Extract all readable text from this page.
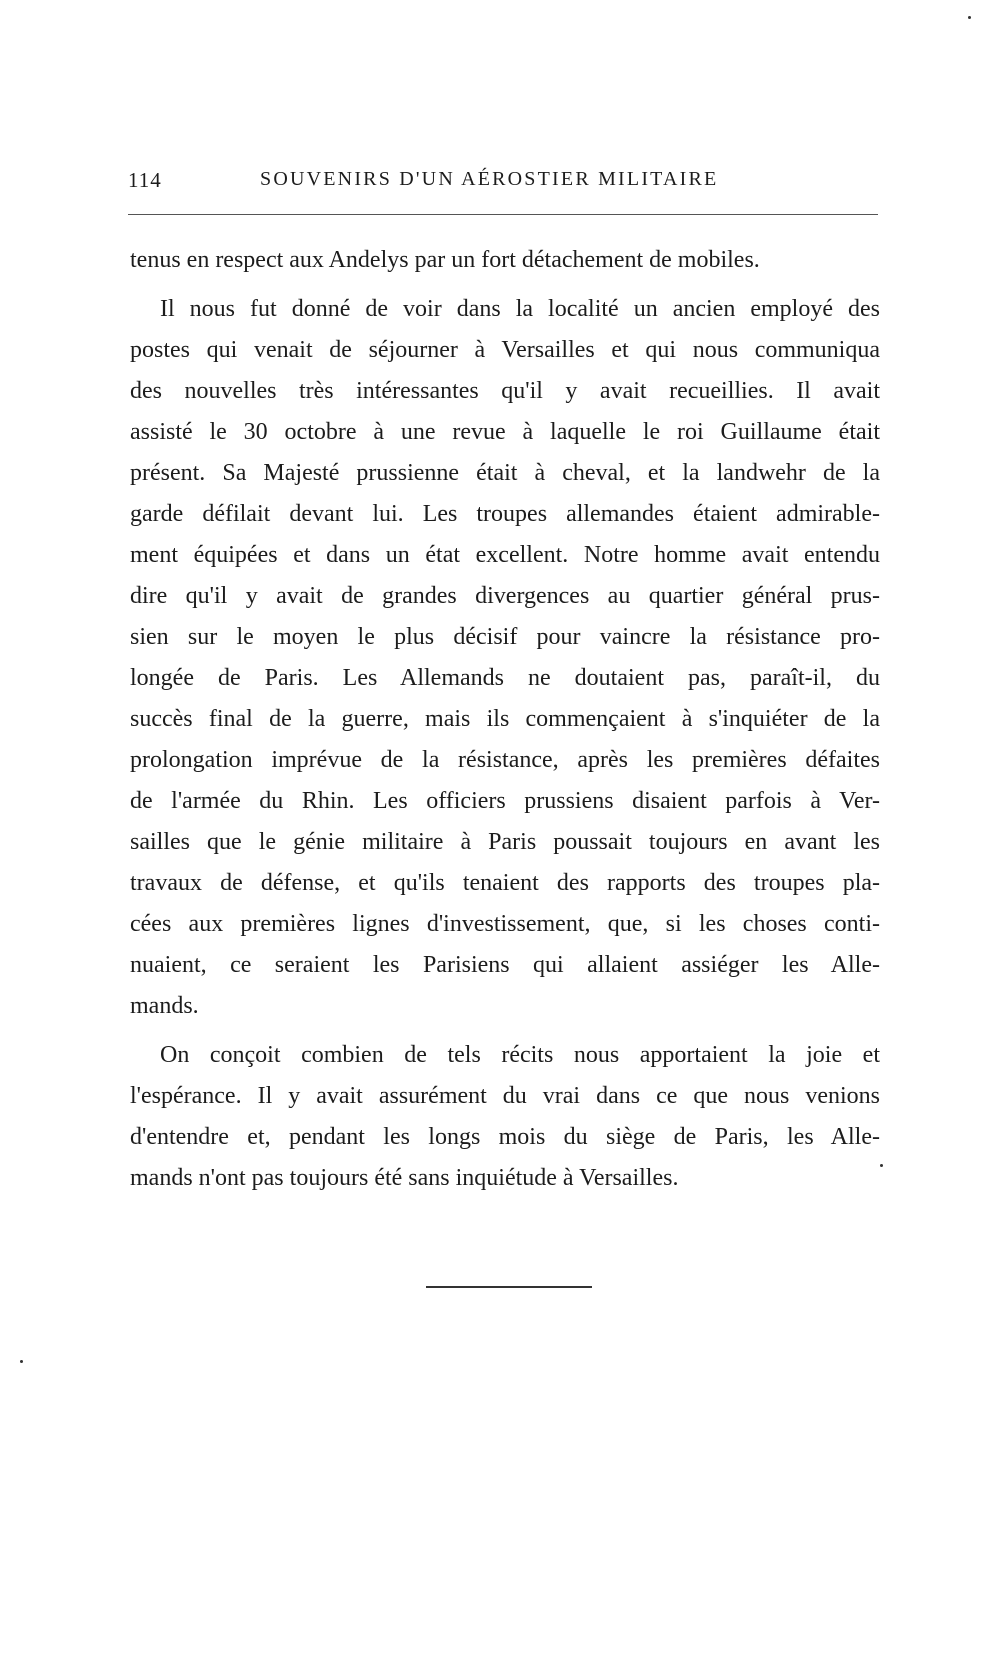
114	SOUVENIRS D'UN AÉROSTIER MILITAIRE
tenus en respect aux Andelys par un fort détachement de mobiles.
Il nous fut donné de voir dans la localité un ancien employé des
postes qui venait de séjourner à Versailles et qui nous communiqua
des nouvelles très intéressantes qu'il y avait recueillies. Il avait
assisté le 30 octobre à une revue à laquelle le roi Guillaume était
présent. Sa Majesté prussienne était à cheval, et la landwehr de la
garde défilait devant lui. Les troupes allemandes étaient admirable-
ment équipées et dans un état excellent. Notre homme avait entendu
dire qu'il y avait de grandes divergences au quartier général prus-
sien sur le moyen le plus décisif pour vaincre la résistance pro-
longée de Paris. Les Allemands ne doutaient pas, paraît-il, du
succès final de la guerre, mais ils commençaient à s'inquiéter de la
prolongation imprévue de la résistance, après les premières défaites
de l'armée du Rhin. Les officiers prussiens disaient parfois à Ver-
sailles que le génie militaire à Paris poussait toujours en avant les
travaux de défense, et qu'ils tenaient des rapports des troupes pla-
cées aux premières lignes d'investissement, que, si les choses conti-
nuaient, ce seraient les Parisiens qui allaient assiéger les Alle-
mands.
On conçoit combien de tels récits nous apportaient la joie et
l'espérance. Il y avait assurément du vrai dans ce que nous venions
d'entendre et, pendant les longs mois du siège de Paris, les Alle-
mands n'ont pas toujours été sans inquiétude à Versailles.
